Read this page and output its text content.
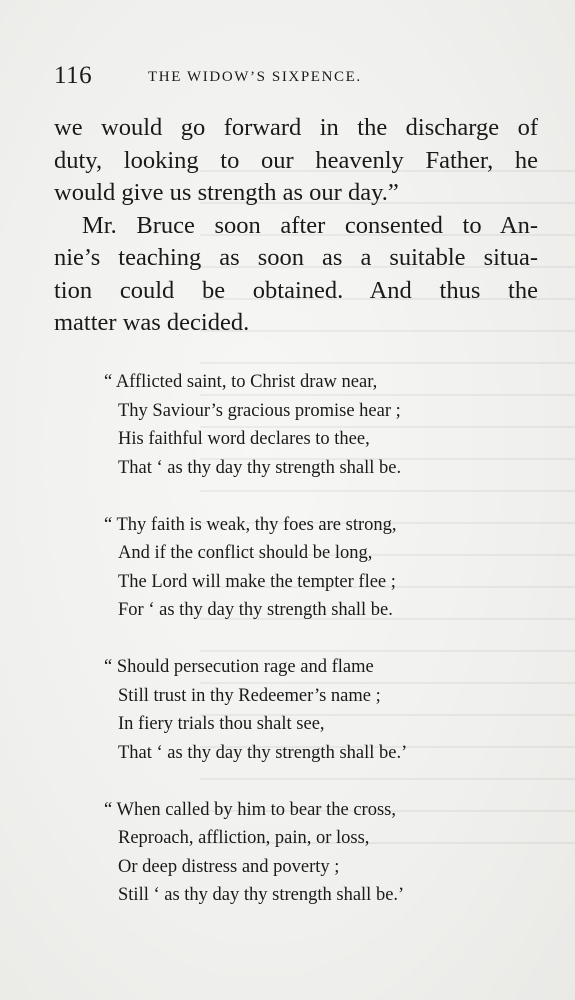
116	THE WIDOW’S SIXPENCE.
we would go forward in the discharge of
duty, looking to our heavenly Father, he
would give us strength as our day.”
Mr. Bruce soon after consented to An-
nie’s teaching as soon as a suitable situa-
tion could be obtained. And thus the
matter was decided.
“ Afflicted saint, to Christ draw near,
Thy Saviour’s gracious promise hear ;
His faithful word declares to thee,
That ‘ as thy day thy strength shall be.
“ Thy faith is weak, thy foes are strong,
And if the conflict should be long,
The Lord will make the tempter flee ;
For ‘ as thy day thy strength shall be.
“ Should persecution rage and flame
Still trust in thy Redeemer’s name ;
In fiery trials thou shalt see,
That ‘ as thy day thy strength shall be.’
“ When called by him to bear the cross,
Reproach, affliction, pain, or loss,
Or deep distress and poverty ;
Still ‘ as thy day thy strength shall be.’
